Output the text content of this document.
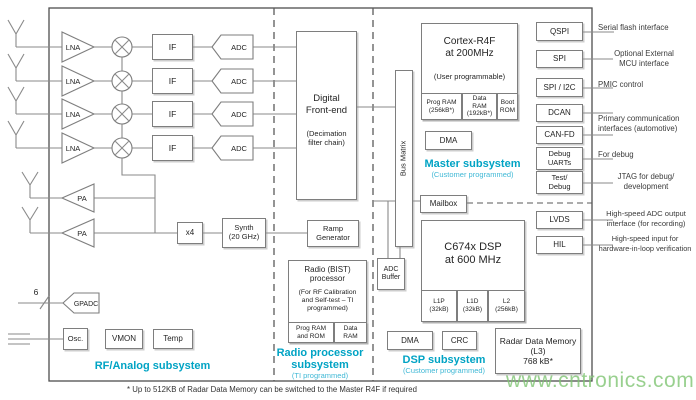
6
LNA
LNA
LNA
LNA
ADC
ADC
ADC
ADC
PA
PA
GPADC
IF
IF
IF
IF
x4
Synth
(20 GHz)
Ramp
Generator
Osc.	VMON	Temp
RF/Analog subsystem
Digital
Front-end
(Decimation
filter chain)
Radio (BIST)
processor
(For RF Calibration
and Self-test – TI
programmed)
Prog RAM
and ROM
Data
RAM
Radio processor
subsystem
(TI programmed)
ADC
Buffer
Bus Matrix
Cortex-R4F
at 200MHz
(User programmable)
Prog RAM
(256kB*)
Data
RAM
(192kB*)
Boot
ROM
DMA
Master subsystem
(Customer programmed)
Mailbox
C674x DSP
at 600 MHz
L1P
(32kB)
L1D
(32kB)
L2
(256kB)
DMA	CRC
DSP subsystem
(Customer programmed)
Radar Data Memory
(L3)
768 kB*
QSPI
SPI
SPI / I2C
DCAN
CAN-FD
Debug
UARTs
Test/
Debug
LVDS
HIL
Serial flash interface
Optional External
MCU interface
PMIC control
Primary communication
interfaces (automotive)
For debug
JTAG for debug/
development
High-speed ADC output
interface (for recording)
High-speed input for
hardware-in-loop verification
* Up to 512KB of Radar Data Memory can be switched to the Master R4F if required	www.cntronics.com
